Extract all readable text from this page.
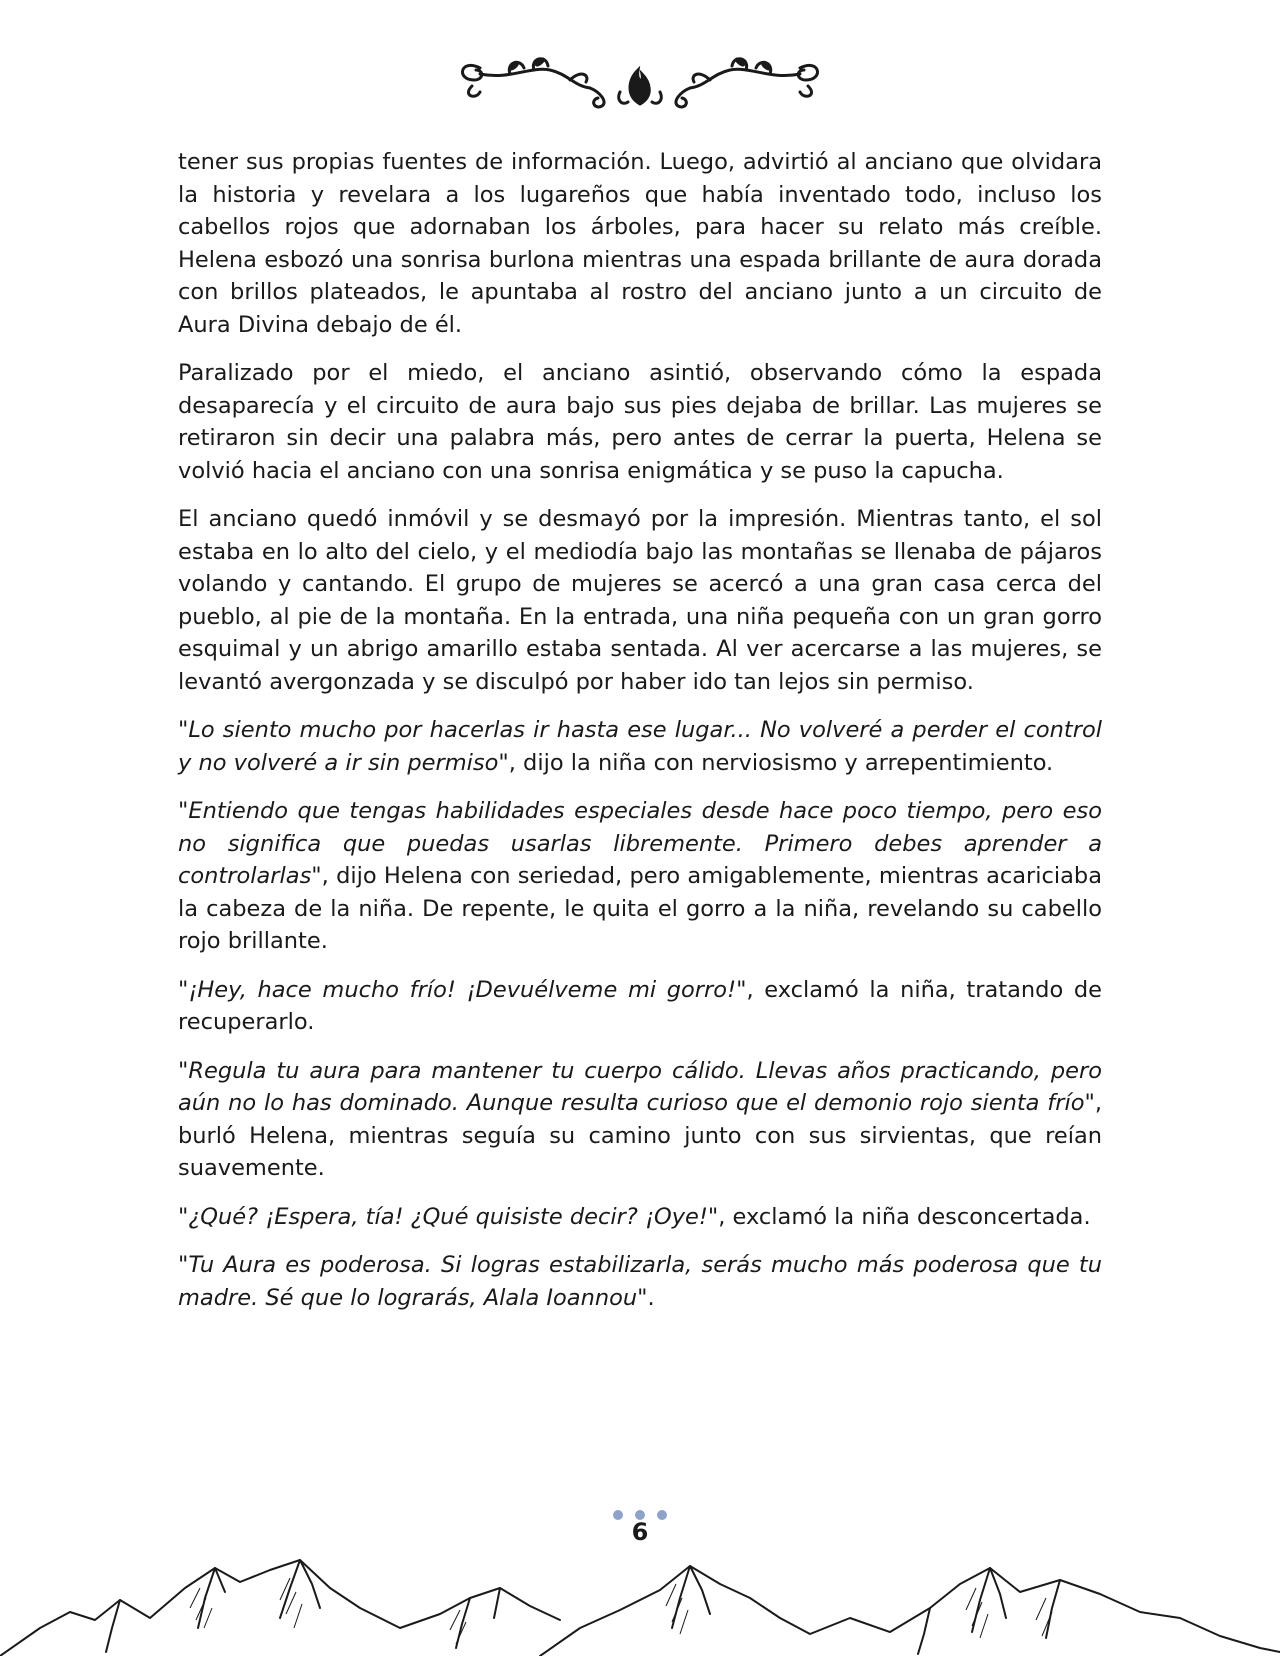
tener sus propias fuentes de información. Luego, advirtió al anciano que olvidara la historia y revelara a los lugareños que había inventado todo, incluso los cabellos rojos que adornaban los árboles, para hacer su relato más creíble. Helena esbozó una sonrisa burlona mientras una espada brillante de aura dorada con brillos plateados, le apuntaba al rostro del anciano junto a un circuito de Aura Divina debajo de él.

Paralizado por el miedo, el anciano asintió, observando cómo la espada desaparecía y el circuito de aura bajo sus pies dejaba de brillar. Las mujeres se retiraron sin decir una palabra más, pero antes de cerrar la puerta, Helena se volvió hacia el anciano con una sonrisa enigmática y se puso la capucha.

El anciano quedó inmóvil y se desmayó por la impresión. Mientras tanto, el sol estaba en lo alto del cielo, y el mediodía bajo las montañas se llenaba de pájaros volando y cantando. El grupo de mujeres se acercó a una gran casa cerca del pueblo, al pie de la montaña. En la entrada, una niña pequeña con un gran gorro esquimal y un abrigo amarillo estaba sentada. Al ver acercarse a las mujeres, se levantó avergonzada y se disculpó por haber ido tan lejos sin permiso.

"Lo siento mucho por hacerlas ir hasta ese lugar... No volveré a perder el control y no volveré a ir sin permiso", dijo la niña con nerviosismo y arrepentimiento.

"Entiendo que tengas habilidades especiales desde hace poco tiempo, pero eso no significa que puedas usarlas libremente. Primero debes aprender a controlarlas", dijo Helena con seriedad, pero amigablemente, mientras acariciaba la cabeza de la niña. De repente, le quita el gorro a la niña, revelando su cabello rojo brillante.

"¡Hey, hace mucho frío! ¡Devuélveme mi gorro!", exclamó la niña, tratando de recuperarlo.

"Regula tu aura para mantener tu cuerpo cálido. Llevas años practicando, pero aún no lo has dominado. Aunque resulta curioso que el demonio rojo sienta frío", burló Helena, mientras seguía su camino junto con sus sirvientas, que reían suavemente.

"¿Qué? ¡Espera, tía! ¿Qué quisiste decir? ¡Oye!", exclamó la niña desconcertada.

"Tu Aura es poderosa. Si logras estabilizarla, serás mucho más poderosa que tu madre. Sé que lo lograrás, Alala Ioannou".

6
